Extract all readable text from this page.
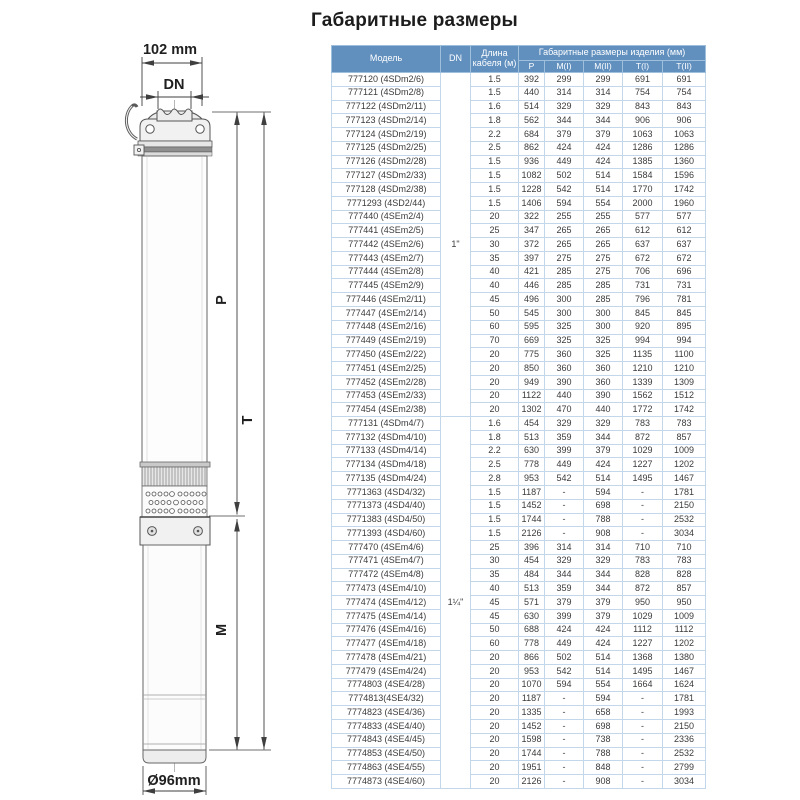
102 mm
DN
P
T
M
Ø96mm
Габаритные размеры
Модель	DN	Длина кабеля (м)	Габаритные размеры изделия (мм)				
			P	M(I)	M(II)	T(I)	T(II)
777120 (4SDm2/6)	1"	1.5	392	299	299	691	691
777121 (4SDm2/8)		1.5	440	314	314	754	754
777122 (4SDm2/11)		1.6	514	329	329	843	843
777123 (4SDm2/14)		1.8	562	344	344	906	906
777124 (4SDm2/19)		2.2	684	379	379	1063	1063
777125 (4SDm2/25)		2.5	862	424	424	1286	1286
777126 (4SDm2/28)		1.5	936	449	424	1385	1360
777127 (4SDm2/33)		1.5	1082	502	514	1584	1596
777128 (4SDm2/38)		1.5	1228	542	514	1770	1742
7771293 (4SD2/44)		1.5	1406	594	554	2000	1960
777440 (4SEm2/4)		20	322	255	255	577	577
777441 (4SEm2/5)		25	347	265	265	612	612
777442 (4SEm2/6)		30	372	265	265	637	637
777443 (4SEm2/7)		35	397	275	275	672	672
777444 (4SEm2/8)		40	421	285	275	706	696
777445 (4SEm2/9)		40	446	285	285	731	731
777446 (4SEm2/11)		45	496	300	285	796	781
777447 (4SEm2/14)		50	545	300	300	845	845
777448 (4SEm2/16)		60	595	325	300	920	895
777449 (4SEm2/19)		70	669	325	325	994	994
777450 (4SEm2/22)		20	775	360	325	1135	1100
777451 (4SEm2/25)		20	850	360	360	1210	1210
777452 (4SEm2/28)		20	949	390	360	1339	1309
777453 (4SEm2/33)		20	1122	440	390	1562	1512
777454 (4SEm2/38)		20	1302	470	440	1772	1742
777131 (4SDm4/7)	1¼"	1.6	454	329	329	783	783
777132 (4SDm4/10)		1.8	513	359	344	872	857
777133 (4SDm4/14)		2.2	630	399	379	1029	1009
777134 (4SDm4/18)		2.5	778	449	424	1227	1202
777135 (4SDm4/24)		2.8	953	542	514	1495	1467
7771363 (4SD4/32)		1.5	1187	-	594	-	1781
7771373 (4SD4/40)		1.5	1452	-	698	-	2150
7771383 (4SD4/50)		1.5	1744	-	788	-	2532
7771393 (4SD4/60)		1.5	2126	-	908	-	3034
777470 (4SEm4/6)		25	396	314	314	710	710
777471 (4SEm4/7)		30	454	329	329	783	783
777472 (4SEm4/8)		35	484	344	344	828	828
777473 (4SEm4/10)		40	513	359	344	872	857
777474 (4SEm4/12)		45	571	379	379	950	950
777475 (4SEm4/14)		45	630	399	379	1029	1009
777476 (4SEm4/16)		50	688	424	424	1112	1112
777477 (4SEm4/18)		60	778	449	424	1227	1202
777478 (4SEm4/21)		20	866	502	514	1368	1380
777479 (4SEm4/24)		20	953	542	514	1495	1467
7774803 (4SE4/28)		20	1070	594	554	1664	1624
7774813(4SE4/32)		20	1187	-	594	-	1781
7774823 (4SE4/36)		20	1335	-	658	-	1993
7774833 (4SE4/40)		20	1452	-	698	-	2150
7774843 (4SE4/45)		20	1598	-	738	-	2336
7774853 (4SE4/50)		20	1744	-	788	-	2532
7774863 (4SE4/55)		20	1951	-	848	-	2799
7774873 (4SE4/60)		20	2126	-	908	-	3034
